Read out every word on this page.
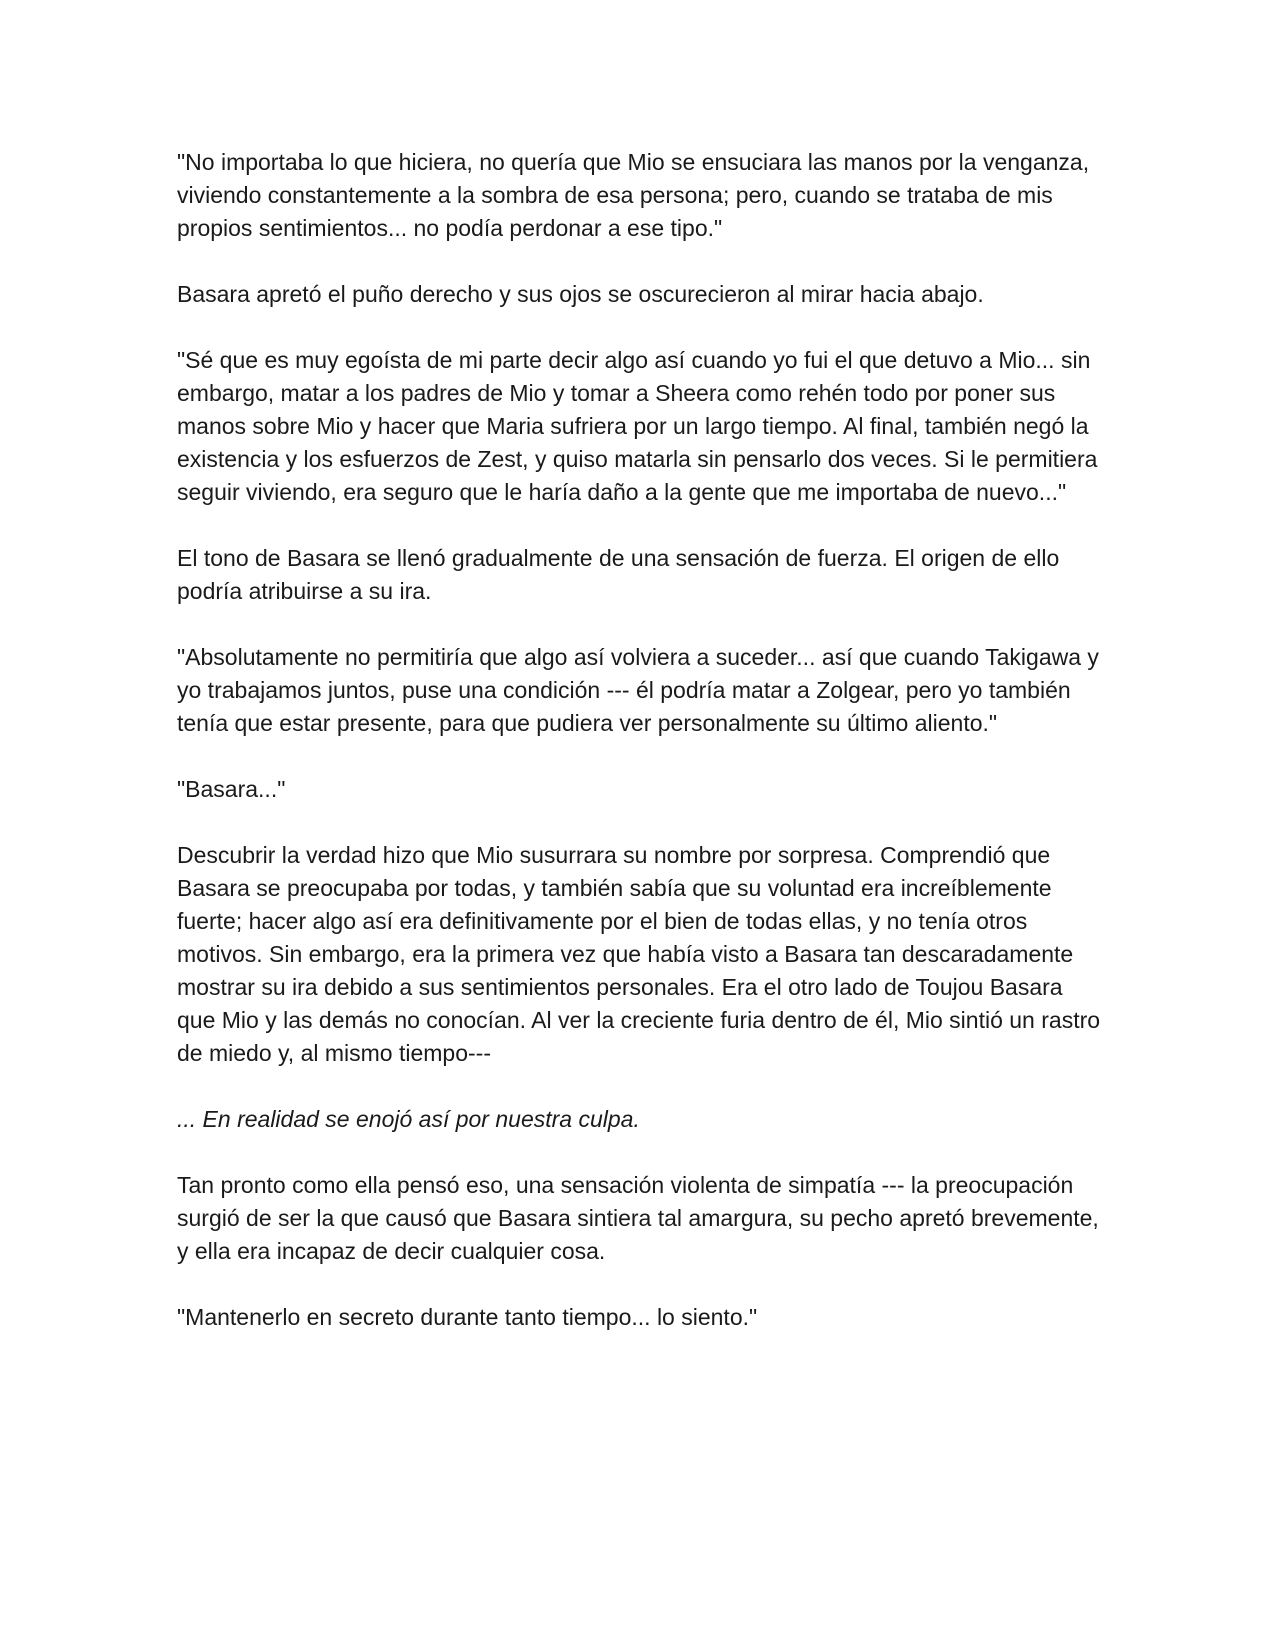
"No importaba lo que hiciera, no quería que Mio se ensuciara las manos por la venganza, viviendo constantemente a la sombra de esa persona; pero, cuando se trataba de mis propios sentimientos... no podía perdonar a ese tipo."

Basara apretó el puño derecho y sus ojos se oscurecieron al mirar hacia abajo.

"Sé que es muy egoísta de mi parte decir algo así cuando yo fui el que detuvo a Mio... sin embargo, matar a los padres de Mio y tomar a Sheera como rehén todo por poner sus manos sobre Mio y hacer que Maria sufriera por un largo tiempo. Al final, también negó la existencia y los esfuerzos de Zest, y quiso matarla sin pensarlo dos veces. Si le permitiera seguir viviendo, era seguro que le haría daño a la gente que me importaba de nuevo..."

El tono de Basara se llenó gradualmente de una sensación de fuerza. El origen de ello podría atribuirse a su ira.

"Absolutamente no permitiría que algo así volviera a suceder... así que cuando Takigawa y yo trabajamos juntos, puse una condición --- él podría matar a Zolgear, pero yo también tenía que estar presente, para que pudiera ver personalmente su último aliento."

"Basara..."

Descubrir la verdad hizo que Mio susurrara su nombre por sorpresa. Comprendió que Basara se preocupaba por todas, y también sabía que su voluntad era increíblemente fuerte; hacer algo así era definitivamente por el bien de todas ellas, y no tenía otros motivos. Sin embargo, era la primera vez que había visto a Basara tan descaradamente mostrar su ira debido a sus sentimientos personales. Era el otro lado de Toujou Basara que Mio y las demás no conocían. Al ver la creciente furia dentro de él, Mio sintió un rastro de miedo y, al mismo tiempo---

... En realidad se enojó así por nuestra culpa.

Tan pronto como ella pensó eso, una sensación violenta de simpatía --- la preocupación surgió de ser la que causó que Basara sintiera tal amargura, su pecho apretó brevemente, y ella era incapaz de decir cualquier cosa.

"Mantenerlo en secreto durante tanto tiempo... lo siento."
